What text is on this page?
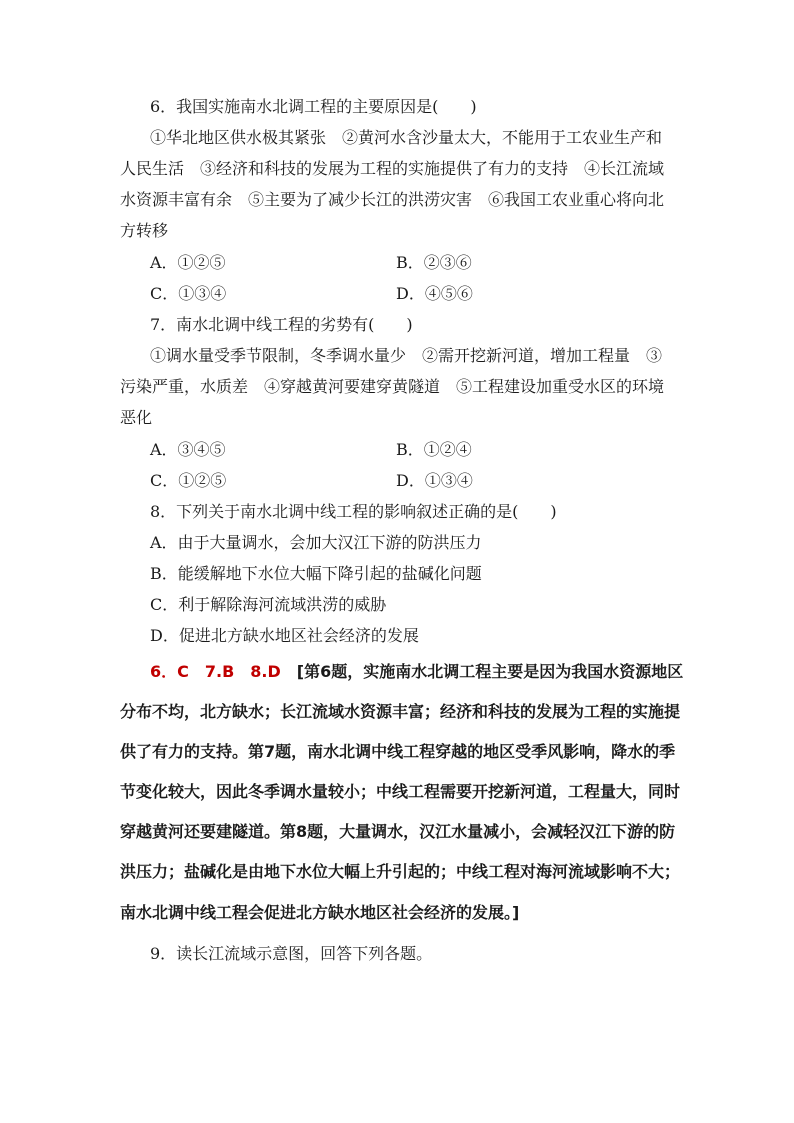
6．我国实施南水北调工程的主要原因是(　　)
①华北地区供水极其紧张　②黄河水含沙量太大，不能用于工农业生产和
人民生活　③经济和科技的发展为工程的实施提供了有力的支持　④长江流域
水资源丰富有余　⑤主要为了减少长江的洪涝灾害　⑥我国工农业重心将向北
方转移
A．①②⑤	B．②③⑥
C．①③④	D．④⑤⑥
7．南水北调中线工程的劣势有(　　)
①调水量受季节限制，冬季调水量少　②需开挖新河道，增加工程量　③
污染严重，水质差　④穿越黄河要建穿黄隧道　⑤工程建设加重受水区的环境
恶化
A．③④⑤	B．①②④
C．①②⑤	D．①③④
8．下列关于南水北调中线工程的影响叙述正确的是(　　)
A．由于大量调水，会加大汉江下游的防洪压力
B．能缓解地下水位大幅下降引起的盐碱化问题
C．利于解除海河流域洪涝的威胁
D．促进北方缺水地区社会经济的发展
6．C　7.B　8.D　 [第6题，实施南水北调工程主要是因为我国水资源地区
分布不均，北方缺水；长江流域水资源丰富；经济和科技的发展为工程的实施提
供了有力的支持。第7题，南水北调中线工程穿越的地区受季风影响，降水的季
节变化较大，因此冬季调水量较小；中线工程需要开挖新河道，工程量大，同时
穿越黄河还要建隧道。第8题，大量调水，汉江水量减小，会减轻汉江下游的防
洪压力；盐碱化是由地下水位大幅上升引起的；中线工程对海河流域影响不大；
南水北调中线工程会促进北方缺水地区社会经济的发展。]
9．读长江流域示意图，回答下列各题。
